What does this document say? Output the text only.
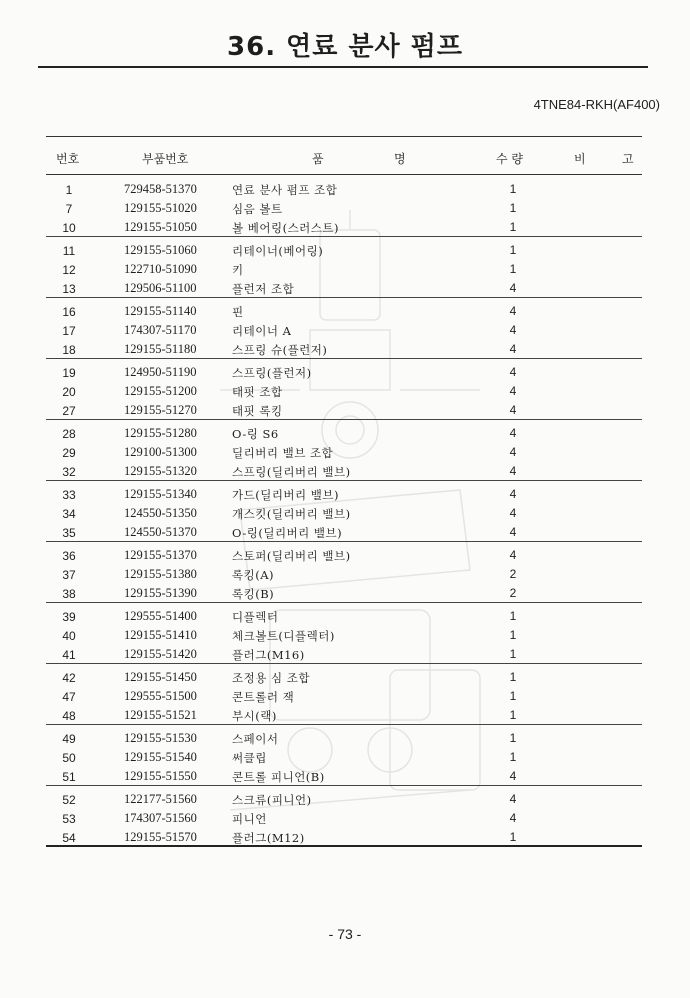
36. 연료 분사 펌프
4TNE84-RKH(AF400)
번호	부품번호	품	명	수 량	비	고
1	729458-51370	연료 분사 펌프 조합	1
7	129155-51020	심음 볼트	1
10	129155-51050	볼 베어링(스러스트)	1
11	129155-51060	리테이너(베어링)	1
12	122710-51090	키	1
13	129506-51100	플런저 조합	4
16	129155-51140	핀	4
17	174307-51170	리테이너 A	4
18	129155-51180	스프링 슈(플런저)	4
19	124950-51190	스프링(플런저)	4
20	129155-51200	태핏 조합	4
27	129155-51270	태핏 록킹	4
28	129155-51280	O-링 S6	4
29	129100-51300	딜리버리 밸브 조합	4
32	129155-51320	스프링(딜리버리 밸브)	4
33	129155-51340	가드(딜리버리 밸브)	4
34	124550-51350	개스킷(딜리버리 밸브)	4
35	124550-51370	O-링(딜리버리 밸브)	4
36	129155-51370	스토퍼(딜리버리 밸브)	4
37	129155-51380	록킹(A)	2
38	129155-51390	록킹(B)	2
39	129555-51400	디플렉터	1
40	129155-51410	체크볼트(디플렉터)	1
41	129155-51420	플러그(M16)	1
42	129155-51450	조정용 심 조합	1
47	129555-51500	콘트롤러 잭	1
48	129155-51521	부시(랙)	1
49	129155-51530	스페이서	1
50	129155-51540	써클립	1
51	129155-51550	콘트롤 피니언(B)	4
52	122177-51560	스크류(피니언)	4
53	174307-51560	피니언	4
54	129155-51570	플러그(M12)	1
- 73 -
